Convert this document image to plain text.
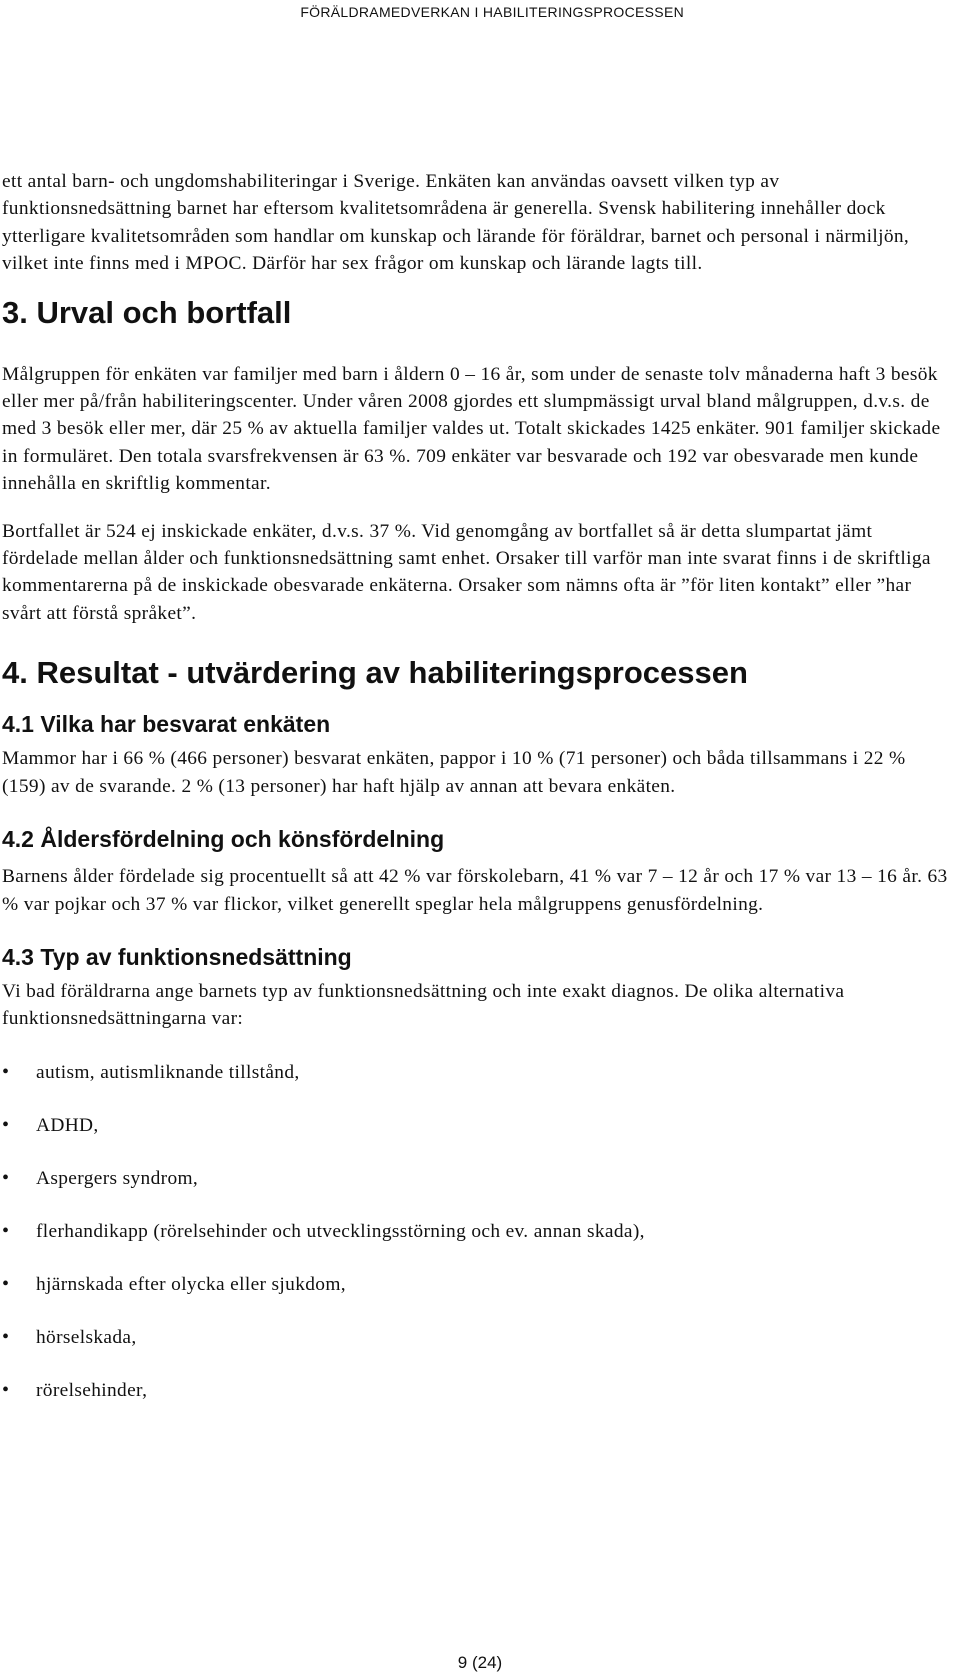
FÖRÄLDRAMEDVERKAN I HABILITERINGSPROCESSEN

ett antal barn- och ungdomshabiliteringar i Sverige. Enkäten kan användas oavsett vilken typ av funktionsnedsättning barnet har eftersom kvalitetsområdena är generella. Svensk habilitering innehåller dock ytterligare kvalitetsområden som handlar om kunskap och lärande för föräldrar, barnet och personal i närmiljön, vilket inte finns med i MPOC. Därför har sex frågor om kunskap och lärande lagts till.

3. Urval och bortfall

Målgruppen för enkäten var familjer med barn i åldern 0 – 16 år, som under de senaste tolv månaderna haft 3 besök eller mer på/från habiliteringscenter. Under våren 2008 gjordes ett slumpmässigt urval bland målgruppen, d.v.s. de med 3 besök eller mer, där 25 % av aktuella familjer valdes ut. Totalt skickades 1425 enkäter. 901 familjer skickade in formuläret. Den totala svarsfrekvensen är 63 %. 709 enkäter var besvarade och 192 var obesvarade men kunde innehålla en skriftlig kommentar.

Bortfallet är 524 ej inskickade enkäter, d.v.s. 37 %. Vid genomgång av bortfallet så är detta slumpartat jämt fördelade mellan ålder och funktionsnedsättning samt enhet. Orsaker till varför man inte svarat finns i de skriftliga kommentarerna på de inskickade obesvarade enkäterna. Orsaker som nämns ofta är ”för liten kontakt” eller ”har svårt att förstå språket”.

4. Resultat - utvärdering av habiliteringsprocessen
4.1 Vilka har besvarat enkäten

Mammor har i 66 % (466 personer) besvarat enkäten, pappor i 10 % (71 personer) och båda tillsammans i 22 % (159) av de svarande. 2 % (13 personer) har haft hjälp av annan att bevara enkäten.

4.2 Åldersfördelning och könsfördelning

Barnens ålder fördelade sig procentuellt så att 42 % var förskolebarn, 41 % var 7 – 12 år och 17 % var 13 – 16 år. 63 % var pojkar och 37 % var flickor, vilket generellt speglar hela målgruppens genusfördelning.

4.3 Typ av funktionsnedsättning

Vi bad föräldrarna ange barnets typ av funktionsnedsättning och inte exakt diagnos. De olika alternativa funktionsnedsättningarna var:

• autism, autismliknande tillstånd,
• ADHD,
• Aspergers syndrom,
• flerhandikapp (rörelsehinder och utvecklingsstörning och ev. annan skada),
• hjärnskada efter olycka eller sjukdom,
• hörselskada,
• rörelsehinder,
9 (24)
